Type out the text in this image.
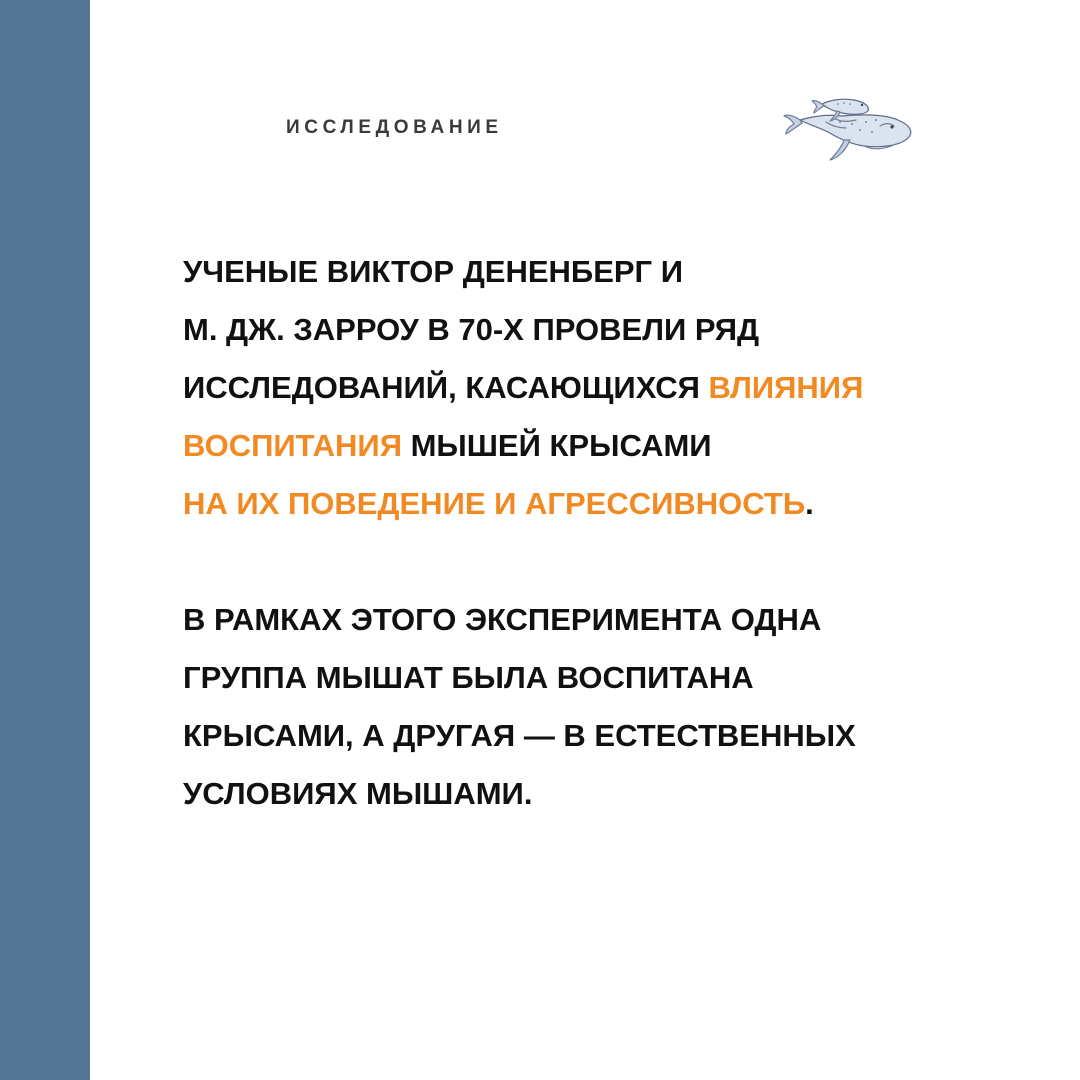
ИССЛЕДОВАНИЕ

УЧЕНЫЕ ВИКТОР ДЕНЕНБЕРГ И
М. ДЖ. ЗАРРОУ В 70-Х ПРОВЕЛИ РЯД
ИССЛЕДОВАНИЙ, КАСАЮЩИХСЯ ВЛИЯНИЯ
ВОСПИТАНИЯ МЫШЕЙ КРЫСАМИ
НА ИХ ПОВЕДЕНИЕ И АГРЕССИВНОСТЬ.

В РАМКАХ ЭТОГО ЭКСПЕРИМЕНТА ОДНА
ГРУППА МЫШАТ БЫЛА ВОСПИТАНА
КРЫСАМИ, А ДРУГАЯ — В ЕСТЕСТВЕННЫХ
УСЛОВИЯХ МЫШАМИ.
